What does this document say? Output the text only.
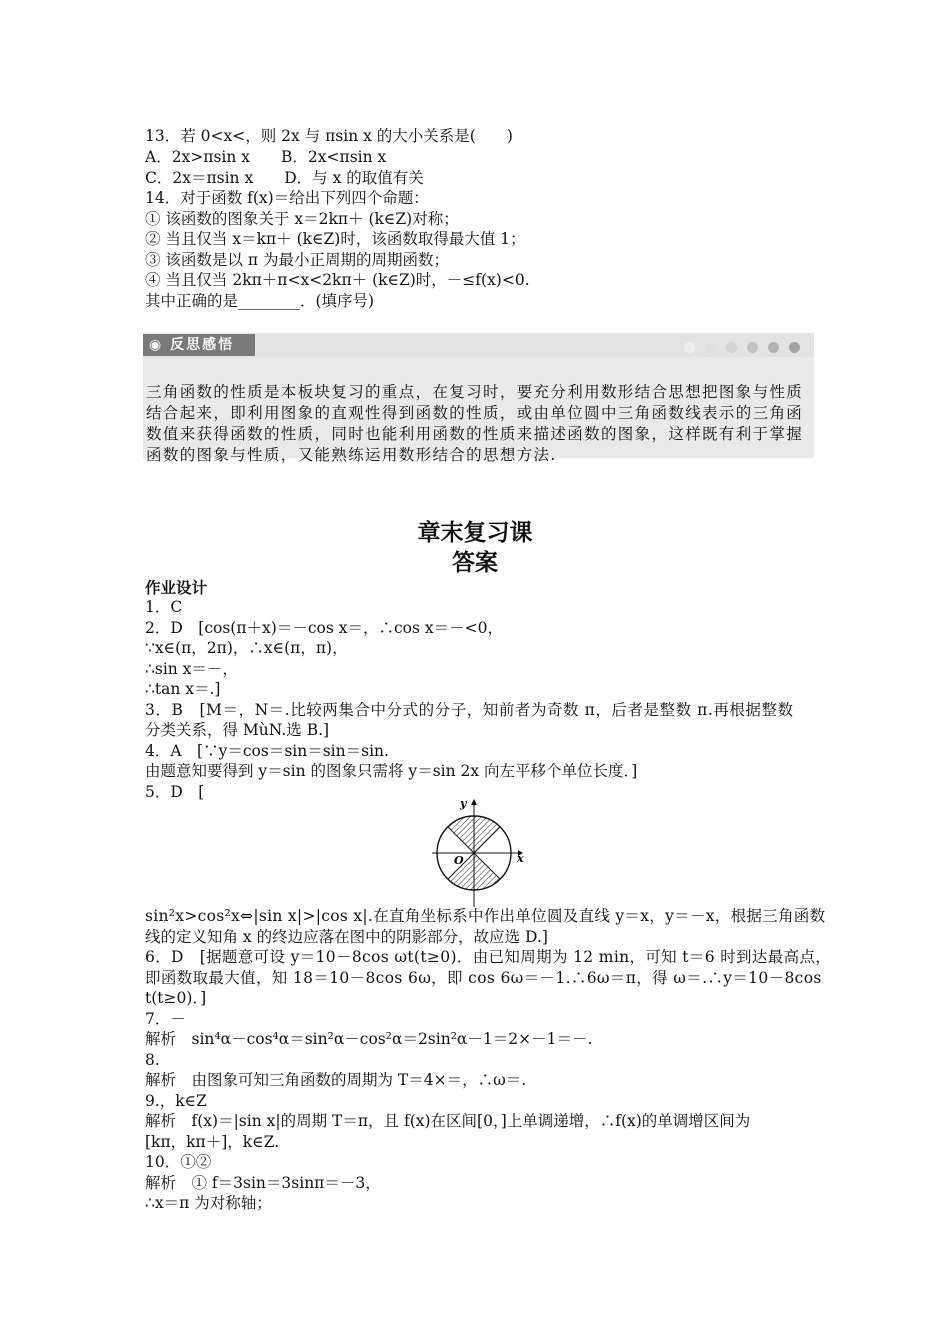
13．若 0<x<，则 2x 与 πsin x 的大小关系是(　　)
A．2x>πsin x　　B．2x<πsin x
C．2x＝πsin x　　D．与 x 的取值有关
14．对于函数 f(x)＝给出下列四个命题：
① 该函数的图象关于 x＝2kπ＋ (k∈Z)对称；
② 当且仅当 x＝kπ＋ (k∈Z)时，该函数取得最大值 1；
③ 该函数是以 π 为最小正周期的周期函数；
④ 当且仅当 2kπ＋π<x<2kπ＋ (k∈Z)时，－≤f(x)<0.
其中正确的是________．(填序号)
◉ 反思感悟
三角函数的性质是本板块复习的重点，在复习时，要充分利用数形结合思想把图象与性质
结合起来，即利用图象的直观性得到函数的性质，或由单位圆中三角函数线表示的三角函
数值来获得函数的性质，同时也能利用函数的性质来描述函数的图象，这样既有利于掌握
函数的图象与性质，又能熟练运用数形结合的思想方法.
章末复习课
答案
作业设计
1．C
2．D　[cos(π＋x)＝－cos x＝，∴cos x＝－<0，
∵x∈(π，2π)，∴x∈(π，π)，
∴sin x＝－，
∴tan x＝.]
3．B　[M＝，N＝.比较两集合中分式的分子，知前者为奇数 π，后者是整数 π.再根据整数
分类关系，得 MùN.选 B.]
4．A　[∵y＝cos＝sin＝sin＝sin.
由题意知要得到 y＝sin 的图象只需将 y＝sin 2x 向左平移个单位长度．]
5．D　[
y
x
O
sin²x>cos²x⇔|sin x|>|cos x|.在直角坐标系中作出单位圆及直线 y＝x，y＝－x，根据三角函数
线的定义知角 x 的终边应落在图中的阴影部分，故应选 D.]
6．D　[据题意可设 y＝10－8cos ωt(t≥0)．由已知周期为 12 min，可知 t＝6 时到达最高点，
即函数取最大值，知 18＝10－8cos 6ω，即 cos 6ω＝－1.∴6ω＝π，得 ω＝.∴y＝10－8cos
t(t≥0)．]
7．－
解析　sin⁴α－cos⁴α＝sin²α－cos²α＝2sin²α－1＝2×－1＝－.
8.
解析　由图象可知三角函数的周期为 T＝4×＝，∴ω＝.
9.，k∈Z
解析　f(x)＝|sin x|的周期 T＝π，且 f(x)在区间[0，]上单调递增，∴f(x)的单调增区间为
[kπ，kπ＋]，k∈Z.
10．①②
解析　① f＝3sin＝3sinπ＝－3，
∴x＝π 为对称轴；
